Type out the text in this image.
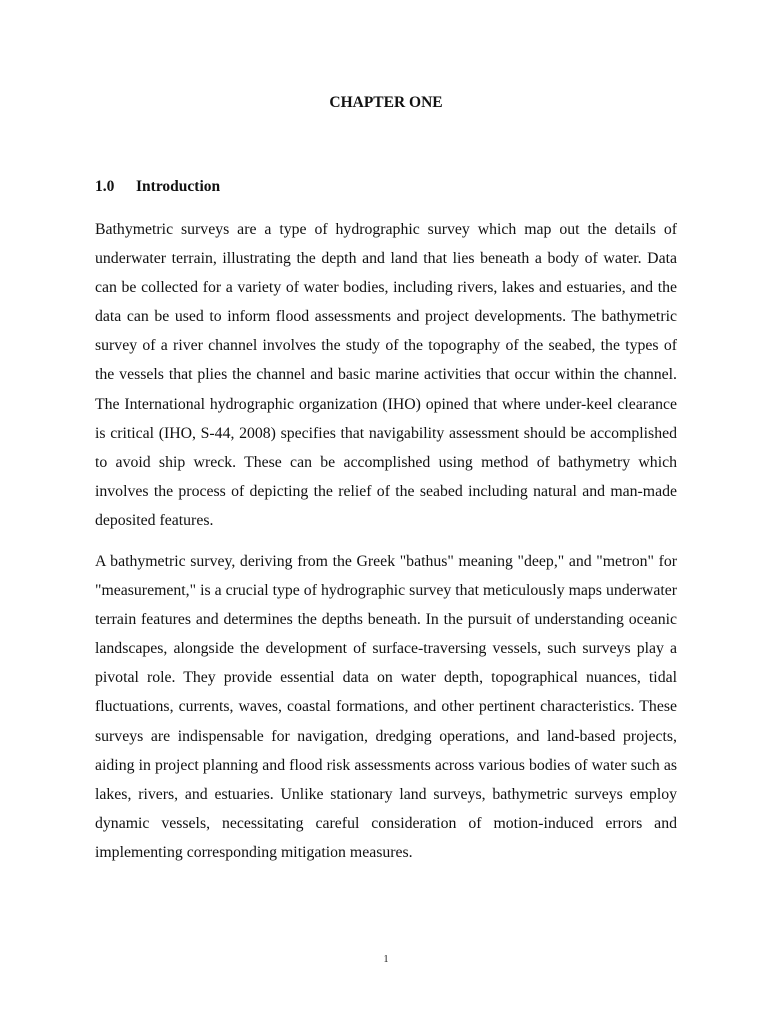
CHAPTER ONE
1.0 Introduction

Bathymetric surveys are a type of hydrographic survey which map out the details of underwater terrain, illustrating the depth and land that lies beneath a body of water. Data can be collected for a variety of water bodies, including rivers, lakes and estuaries, and the data can be used to inform flood assessments and project developments. The bathymetric survey of a river channel involves the study of the topography of the seabed, the types of the vessels that plies the channel and basic marine activities that occur within the channel. The International hydrographic organization (IHO) opined that where under-keel clearance is critical (IHO, S-44, 2008) specifies that navigability assessment should be accomplished to avoid ship wreck. These can be accomplished using method of bathymetry which involves the process of depicting the relief of the seabed including natural and man-made deposited features.

A bathymetric survey, deriving from the Greek "bathus" meaning "deep," and "metron" for "measurement," is a crucial type of hydrographic survey that meticulously maps underwater terrain features and determines the depths beneath. In the pursuit of understanding oceanic landscapes, alongside the development of surface-traversing vessels, such surveys play a pivotal role. They provide essential data on water depth, topographical nuances, tidal fluctuations, currents, waves, coastal formations, and other pertinent characteristics. These surveys are indispensable for navigation, dredging operations, and land-based projects, aiding in project planning and flood risk assessments across various bodies of water such as lakes, rivers, and estuaries. Unlike stationary land surveys, bathymetric surveys employ dynamic vessels, necessitating careful consideration of motion-induced errors and implementing corresponding mitigation measures.

1
